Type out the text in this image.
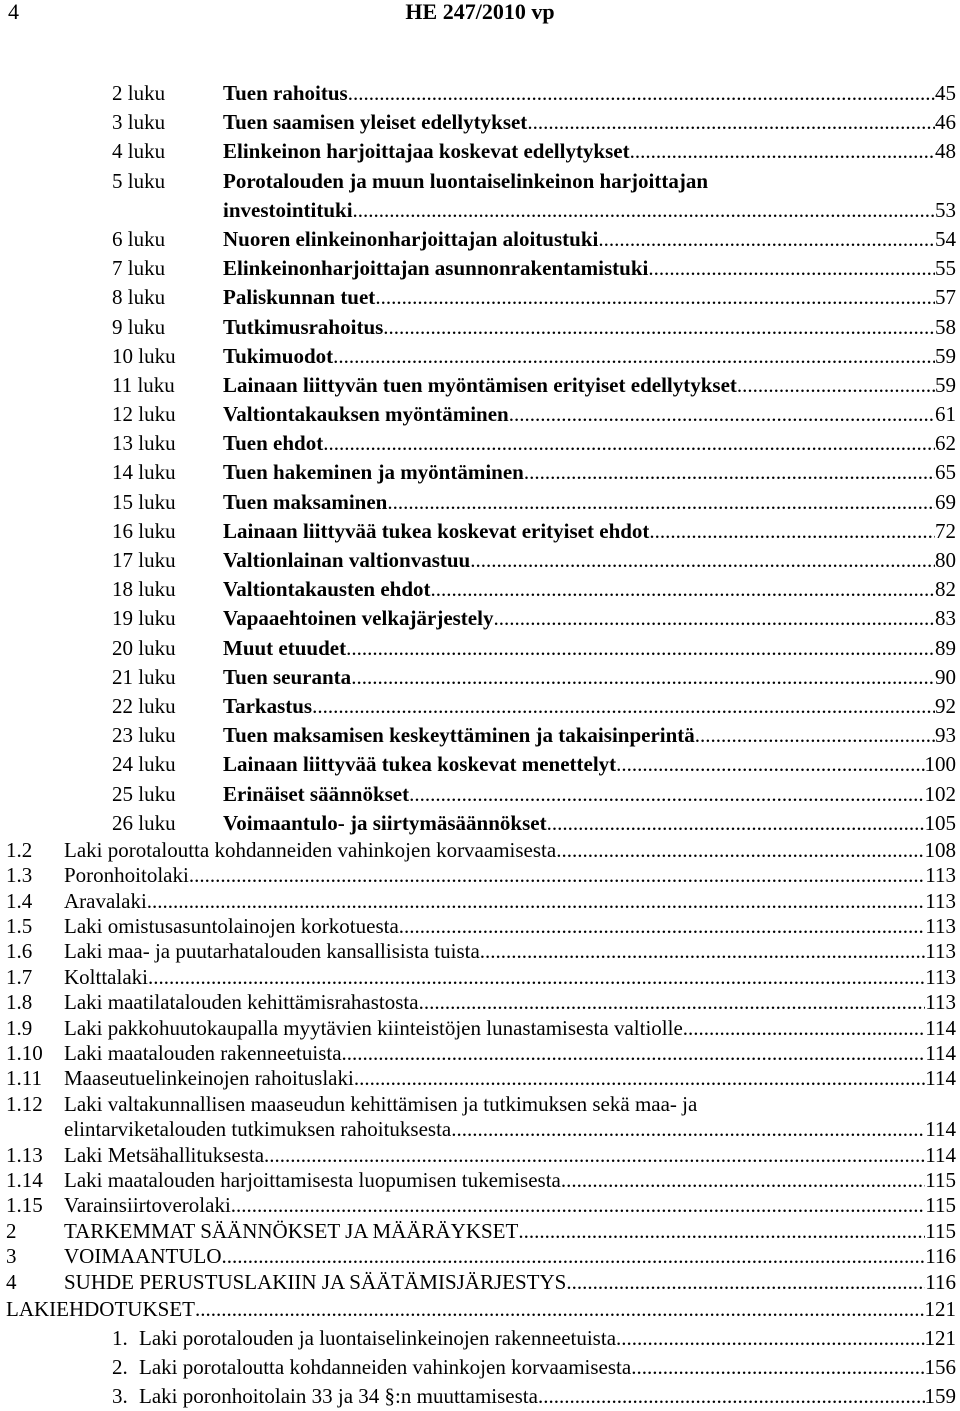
4	HE 247/2010 vp
2 luku	Tuen rahoitus .....	45
3 luku	Tuen saamisen yleiset edellytykset .....	46
4 luku	Elinkeinon harjoittajaa koskevat edellytykset .....	48
5 luku	Porotalouden ja muun luontaiselinkeinon harjoittajan
investointituki .....	53
6 luku	Nuoren elinkeinonharjoittajan aloitustuki .....	54
7 luku	Elinkeinonharjoittajan asunnonrakentamistuki .....	55
8 luku	Paliskunnan tuet .....	57
9 luku	Tutkimusrahoitus .....	58
10 luku Tukimuodot .....	59
11 luku Lainaan liittyvän tuen myöntämisen erityiset edellytykset .....	59
12 luku Valtiontakauksen myöntäminen .....	61
13 luku Tuen ehdot .....	62
14 luku Tuen hakeminen ja myöntäminen .....	65
15 luku Tuen maksaminen .....	69
16 luku Lainaan liittyvää tukea koskevat erityiset ehdot .....	72
17 luku Valtionlainan valtionvastuu .....	80
18 luku Valtiontakausten ehdot .....	82
19 luku Vapaaehtoinen velkajärjestely .....	83
20 luku Muut etuudet .....	89
21 luku Tuen seuranta .....	90
22 luku Tarkastus .....	92
23 luku Tuen maksamisen keskeyttäminen ja takaisinperintä .....	93
24 luku Lainaan liittyvää tukea koskevat menettelyt .....	100
25 luku Erinäiset säännökset .....	102
26 luku Voimaantulo- ja siirtymäsäännökset .....	105
1.2 Laki porotaloutta kohdanneiden vahinkojen korvaamisesta .....	108
1.3 Poronhoitolaki .....	113
1.4 Aravalaki .....	113
1.5 Laki omistusasuntolainojen korkotuesta .....	113
1.6 Laki maa- ja puutarhatalouden kansallisista tuista .....	113
1.7 Kolttalaki .....	113
1.8 Laki maatilatalouden kehittämisrahastosta .....	113
1.9 Laki pakkohuutokaupalla myytävien kiinteistöjen lunastamisesta valtiolle .....	114
1.10 Laki maatalouden rakenneetuista .....	114
1.11 Maaseutuelinkeinojen rahoituslaki .....	114
1.12 Laki valtakunnallisen maaseudun kehittämisen ja tutkimuksen sekä maa- ja
elintarviketalouden tutkimuksen rahoituksesta .....	114
1.13 Laki Metsähallituksesta .....	114
1.14 Laki maatalouden harjoittamisesta luopumisen tukemisesta .....	115
1.15 Varainsiirtoverolaki .....	115
2 TARKEMMAT SÄÄNNÖKSET JA MÄÄRÄYKSET .....	115
3 VOIMAANTULO .....	116
4 SUHDE PERUSTUSLAKIIN JA SÄÄTÄMISJÄRJESTYS .....	116
LAKIEHDOTUKSET .....	121
1. Laki porotalouden ja luontaiselinkeinojen rakenneetuista .....	121
2. Laki porotaloutta kohdanneiden vahinkojen korvaamisesta .....	156
3. Laki poronhoitolain 33 ja 34 §:n muuttamisesta .....	159
